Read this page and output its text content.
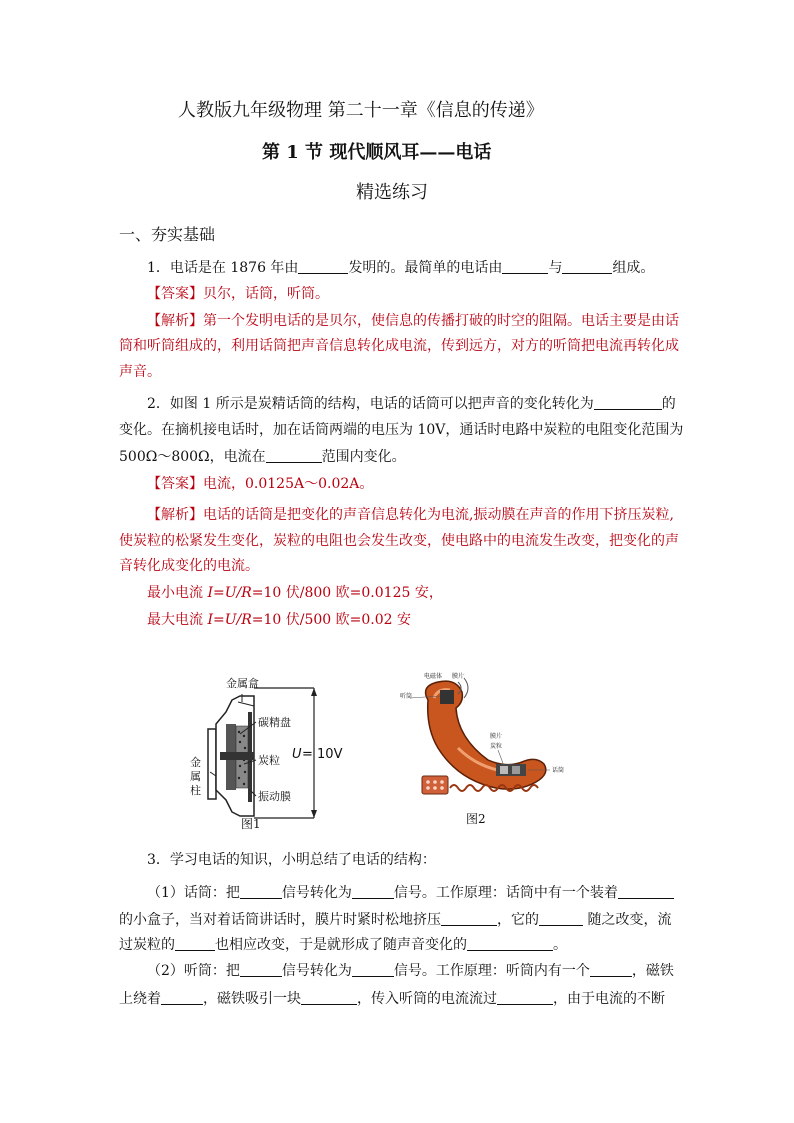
人教版九年级物理 第二十一章《信息的传递》
第 1 节 现代顺风耳——电话
精选练习
一、夯实基础
1．电话是在 1876 年由	发明的。最简单的电话由	与	组成。
【答案】贝尔，话筒，听筒。
【解析】第一个发明电话的是贝尔，使信息的传播打破的时空的阻隔。电话主要是由话
筒和听筒组成的，利用话筒把声音信息转化成电流，传到远方，对方的听筒把电流再转化成
声音。
2．如图 1 所示是炭精话筒的结构，电话的话筒可以把声音的变化转化为	的
变化。在摘机接电话时，加在话筒两端的电压为 10V，通话时电路中炭粒的电阻变化范围为
500Ω～800Ω，电流在	范围内变化。
【答案】电流，0.0125A～0.02A。
【解析】电话的话筒是把变化的声音信息转化为电流,振动膜在声音的作用下挤压炭粒,
使炭粒的松紧发生变化，炭粒的电阻也会发生改变，使电路中的电流发生改变，把变化的声
音转化成变化的电流。
最小电流 I=U/R=10 伏/800 欧=0.0125 安，
最大电流 I=U/R=10 伏/500 欧=0.02 安
金属盒
碳精盘
炭粒
振动膜
金
属
柱
U = 10V
图1
电磁体 膜片
听筒
膜片
炭粒
话筒
图2
3．学习电话的知识，小明总结了电话的结构：
（1）话筒：把	信号转化为	信号。工作原理：话筒中有一个装着
的小盒子，当对着话筒讲话时，膜片时紧时松地挤压	，它的	随之改变，流
过炭粒的	也相应改变，于是就形成了随声音变化的	。
（2）听筒：把	信号转化为	信号。工作原理：听筒内有一个	，磁铁
上绕着	，磁铁吸引一块	，传入听筒的电流流过	，由于电流的不断
